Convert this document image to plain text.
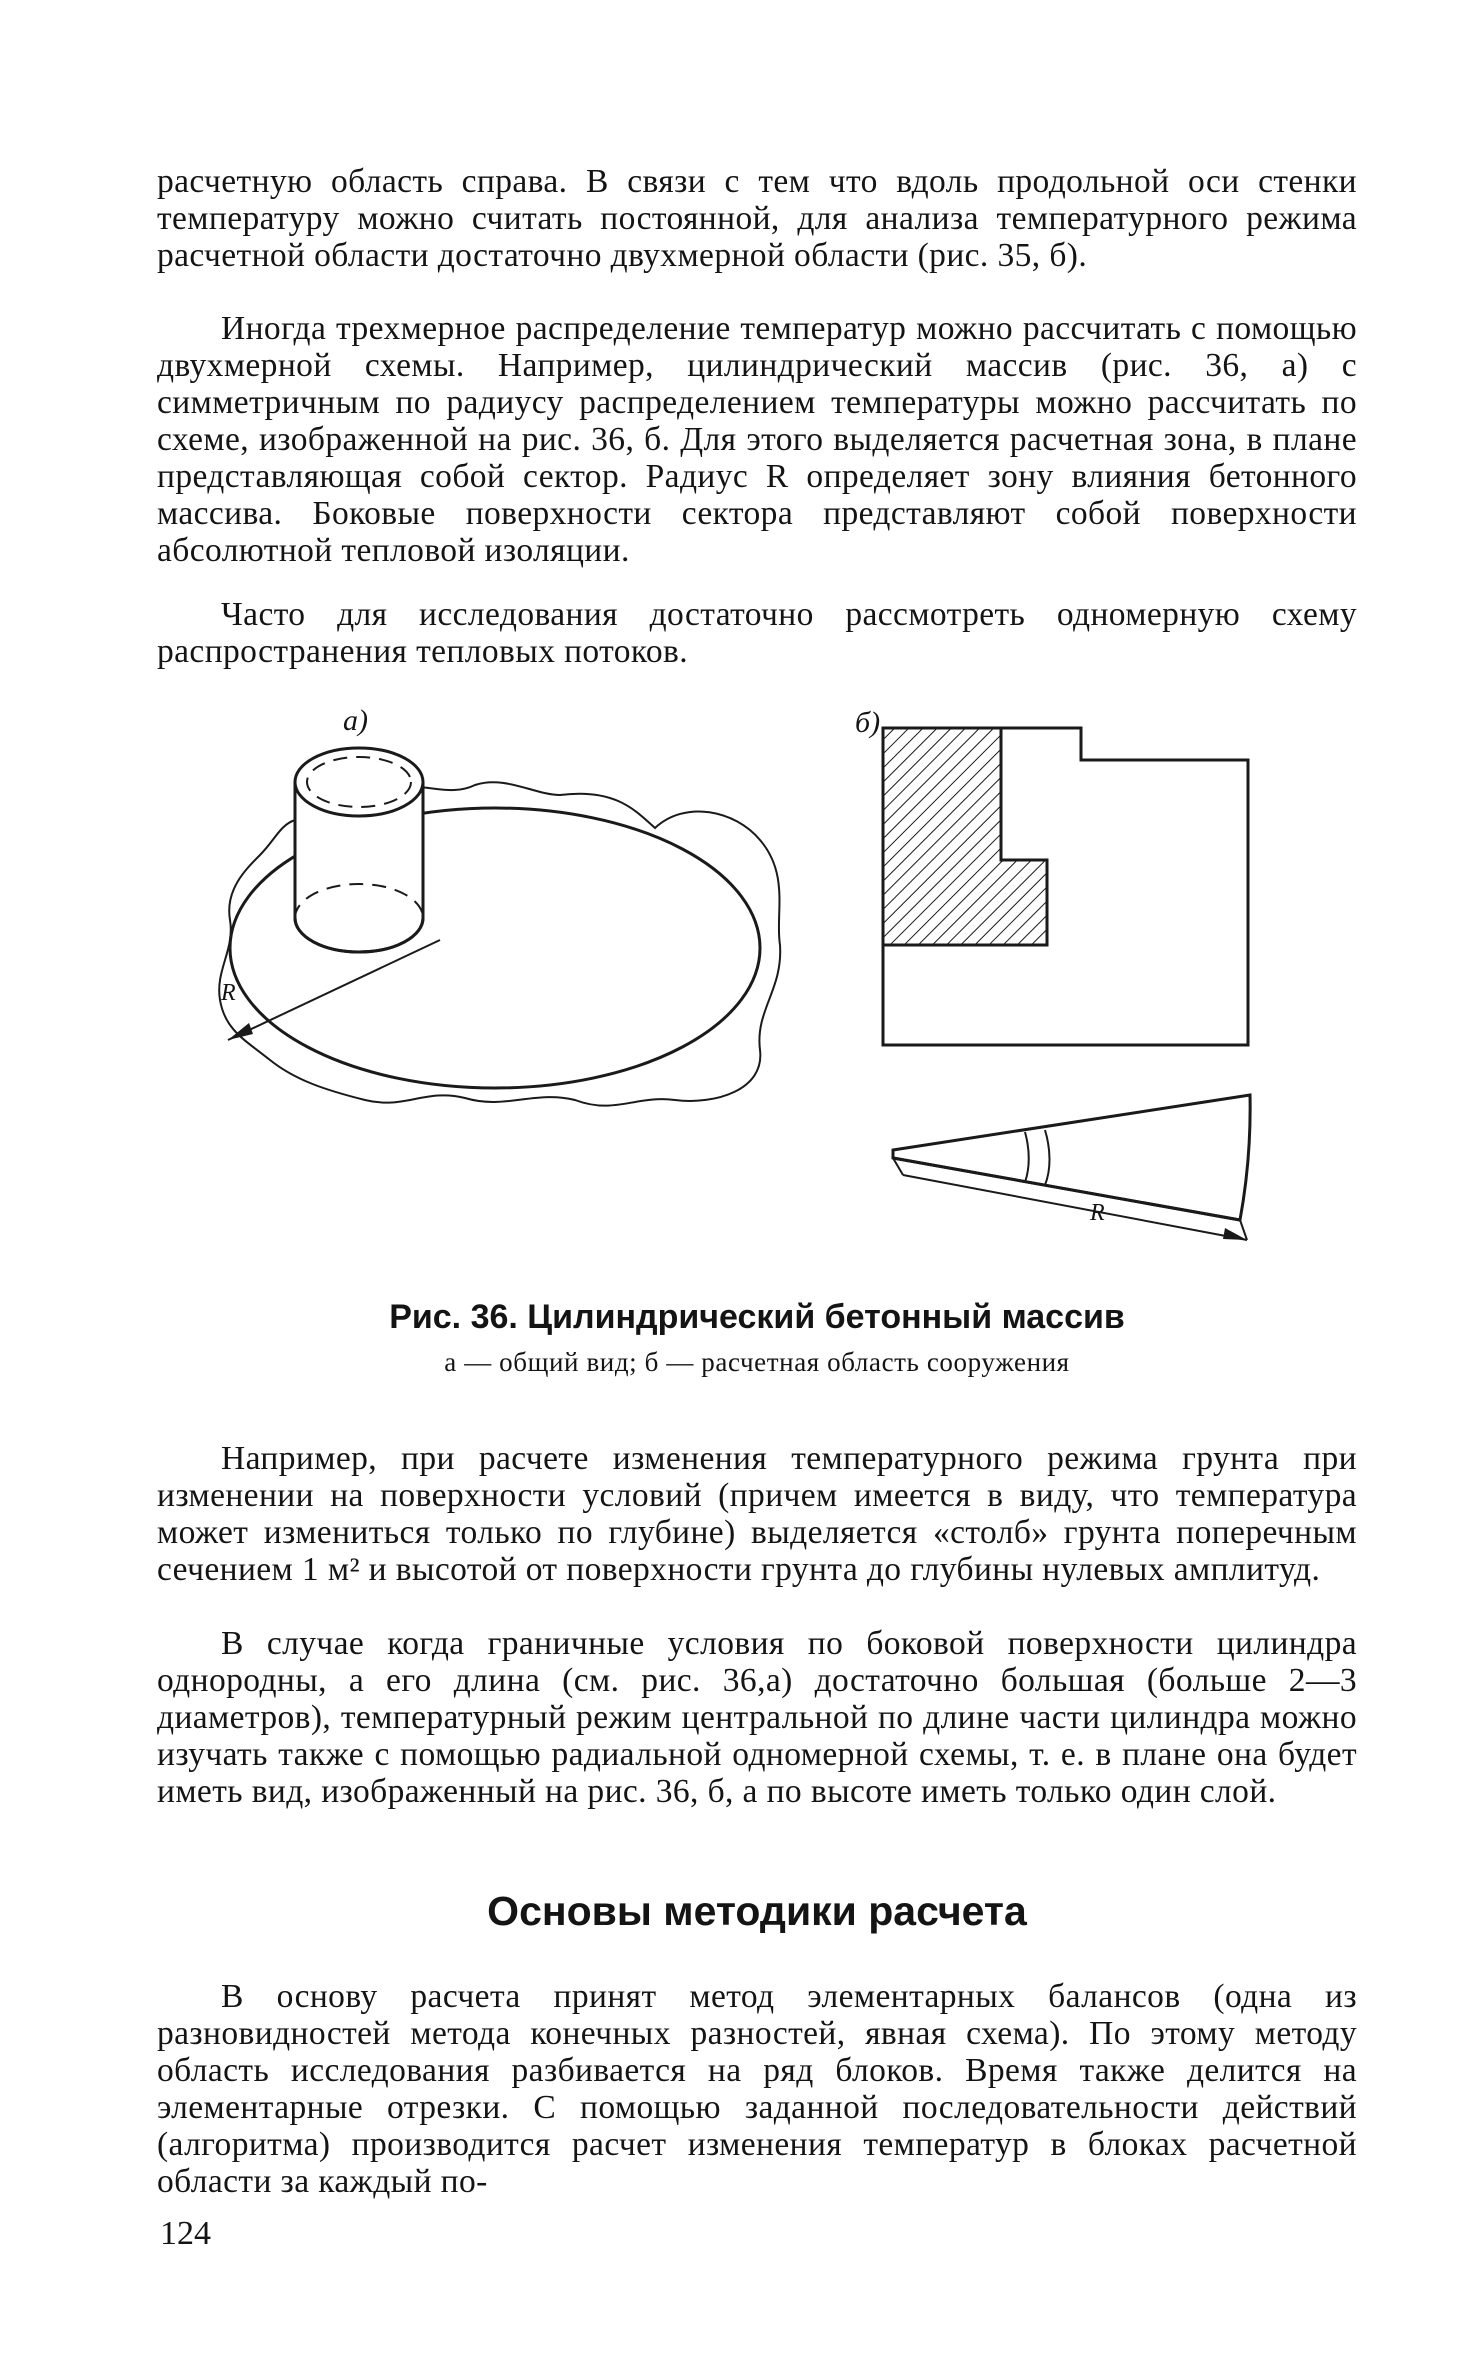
расчетную область справа. В связи с тем что вдоль продольной оси стенки температуру можно считать постоянной, для анализа температурного режима расчетной области достаточно двухмерной области (рис. 35, б).

Иногда трехмерное распределение температур можно рассчитать с помощью двухмерной схемы. Например, цилиндрический массив (рис. 36, а) с симметричным по радиусу распределением температуры можно рассчитать по схеме, изображенной на рис. 36, б. Для этого выделяется расчетная зона, в плане представляющая собой сектор. Радиус R определяет зону влияния бетонного массива. Боковые поверхности сектора представляют собой поверхности абсолютной тепловой изоляции.

Часто для исследования достаточно рассмотреть одномерную схему распространения тепловых потоков.

а)
R
б)
R

Рис. 36. Цилиндрический бетонный массив

а — общий вид; б — расчетная область сооружения

Например, при расчете изменения температурного режима грунта при изменении на поверхности условий (причем имеется в виду, что температура может измениться только по глубине) выделяется «столб» грунта поперечным сечением 1 м² и высотой от поверхности грунта до глубины нулевых амплитуд.

В случае когда граничные условия по боковой поверхности цилиндра однородны, а его длина (см. рис. 36,а) достаточно большая (больше 2—3 диаметров), температурный режим центральной по длине части цилиндра можно изучать также с помощью радиальной одномерной схемы, т. е. в плане она будет иметь вид, изображенный на рис. 36, б, а по высоте иметь только один слой.

Основы методики расчета

В основу расчета принят метод элементарных балансов (одна из разновидностей метода конечных разностей, явная схема). По этому методу область исследования разбивается на ряд блоков. Время также делится на элементарные отрезки. С помощью заданной последовательности действий (алгоритма) производится расчет изменения температур в блоках расчетной области за каждый по-

124
